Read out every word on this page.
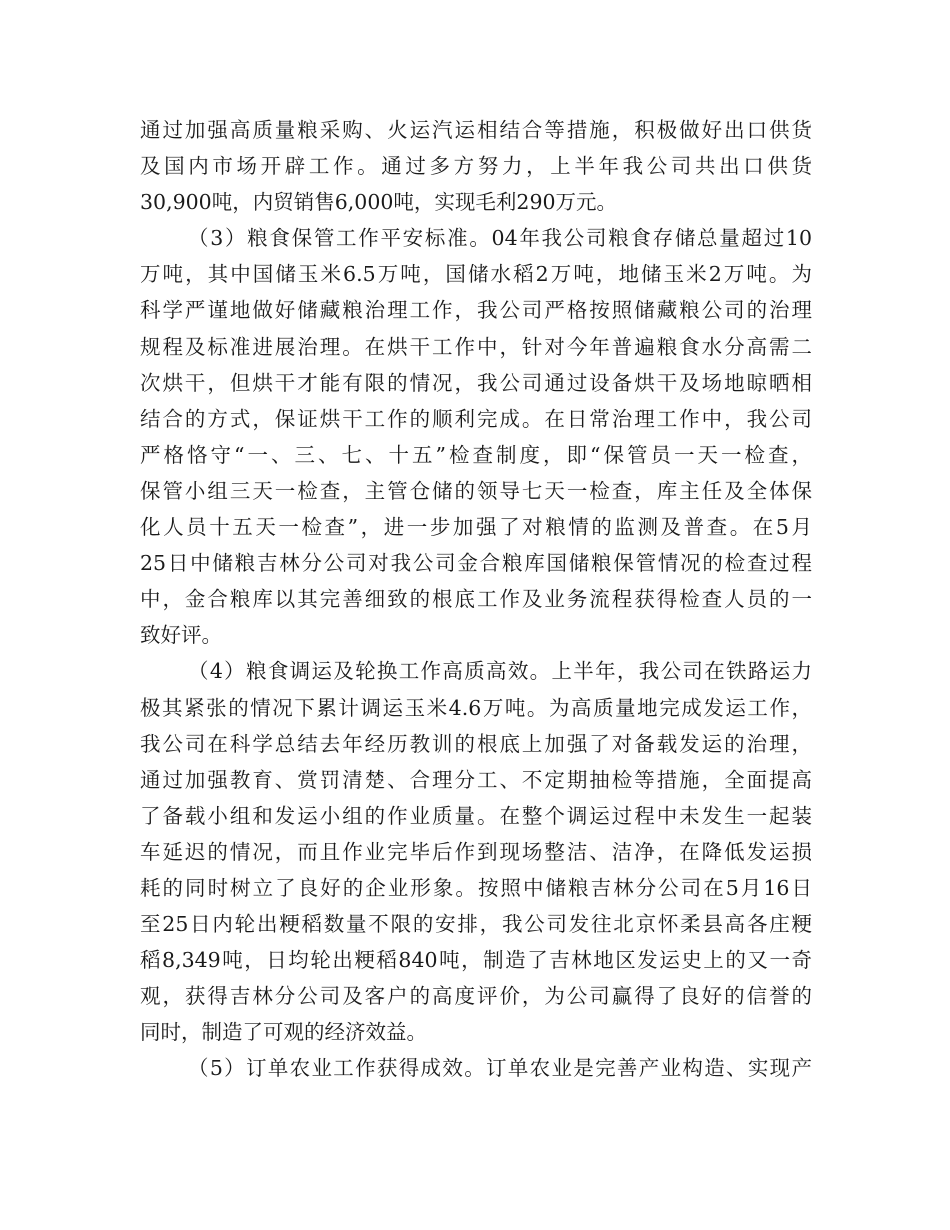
通过加强高质量粮采购、火运汽运相结合等措施，积极做好出口供货
及国内市场开辟工作。通过多方努力，上半年我公司共出口供货
30,900吨，内贸销售6,000吨，实现毛利290万元。
（3）粮食保管工作平安标准。04年我公司粮食存储总量超过10
万吨，其中国储玉米6.5万吨，国储水稻2万吨，地储玉米2万吨。为
科学严谨地做好储藏粮治理工作，我公司严格按照储藏粮公司的治理
规程及标准进展治理。在烘干工作中，针对今年普遍粮食水分高需二
次烘干，但烘干才能有限的情况，我公司通过设备烘干及场地晾晒相
结合的方式，保证烘干工作的顺利完成。在日常治理工作中，我公司
严格恪守“一、三、七、十五”检查制度，即“保管员一天一检查，
保管小组三天一检查，主管仓储的领导七天一检查，库主任及全体保
化人员十五天一检查”，进一步加强了对粮情的监测及普查。在5月
25日中储粮吉林分公司对我公司金合粮库国储粮保管情况的检查过程
中，金合粮库以其完善细致的根底工作及业务流程获得检查人员的一
致好评。
（4）粮食调运及轮换工作高质高效。上半年，我公司在铁路运力
极其紧张的情况下累计调运玉米4.6万吨。为高质量地完成发运工作，
我公司在科学总结去年经历教训的根底上加强了对备载发运的治理，
通过加强教育、赏罚清楚、合理分工、不定期抽检等措施，全面提高
了备载小组和发运小组的作业质量。在整个调运过程中未发生一起装
车延迟的情况，而且作业完毕后作到现场整洁、洁净，在降低发运损
耗的同时树立了良好的企业形象。按照中储粮吉林分公司在5月16日
至25日内轮出粳稻数量不限的安排，我公司发往北京怀柔县高各庄粳
稻8,349吨，日均轮出粳稻840吨，制造了吉林地区发运史上的又一奇
观，获得吉林分公司及客户的高度评价，为公司赢得了良好的信誉的
同时，制造了可观的经济效益。
（5）订单农业工作获得成效。订单农业是完善产业构造、实现产
